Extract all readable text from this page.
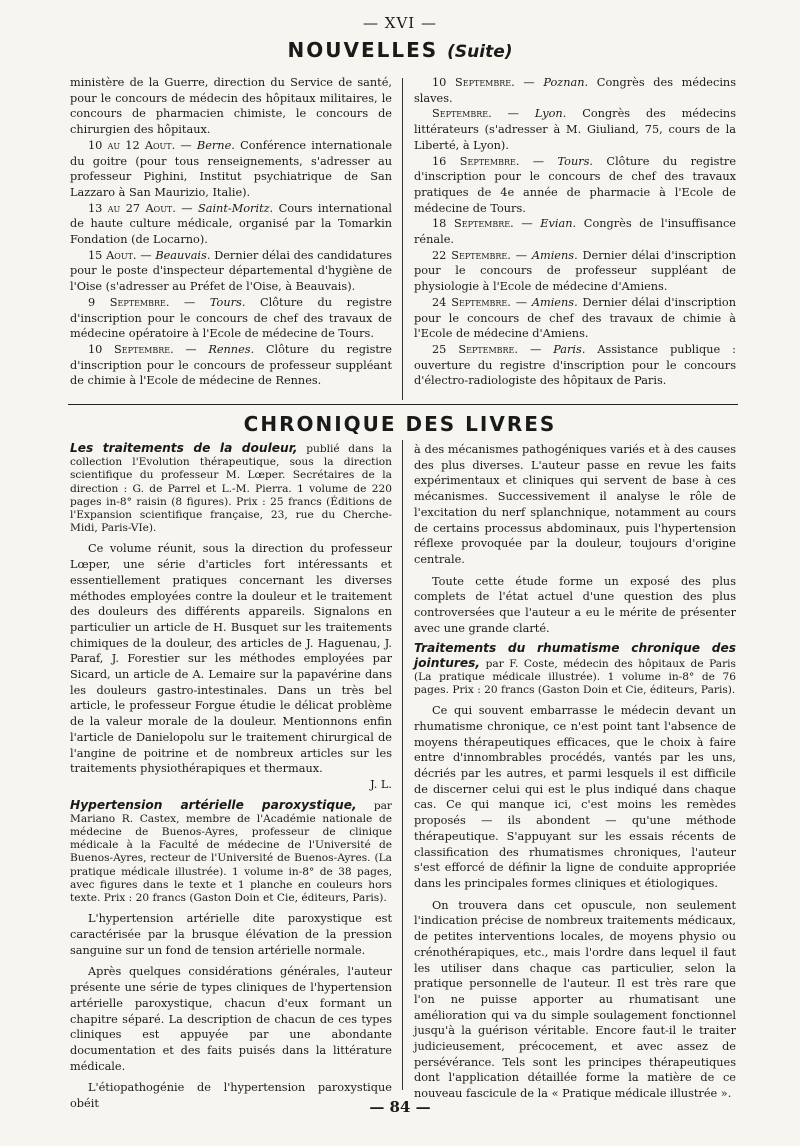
— XVI —
NOUVELLES (Suite)

ministère de la Guerre, direction du Service de santé, pour le concours de médecin des hôpitaux militaires, le concours de pharmacien chimiste, le concours de chirurgien des hôpitaux.

10 au 12 Aout. — Berne. Conférence internationale du goitre (pour tous renseignements, s'adresser au professeur Pighini, Institut psychiatrique de San Lazzaro à San Maurizio, Italie).

13 au 27 Aout. — Saint-Moritz. Cours international de haute culture médicale, organisé par la Tomarkin Fondation (de Locarno).

15 Aout. — Beauvais. Dernier délai des candidatures pour le poste d'inspecteur départemental d'hygiène de l'Oise (s'adresser au Préfet de l'Oise, à Beauvais).

9 Septembre. — Tours. Clôture du registre d'inscription pour le concours de chef des travaux de médecine opératoire à l'Ecole de médecine de Tours.

10 Septembre. — Rennes. Clôture du registre d'inscription pour le concours de professeur suppléant de chimie à l'Ecole de médecine de Rennes.

10 Septembre. — Poznan. Congrès des médecins slaves.

Septembre. — Lyon. Congrès des médecins littérateurs (s'adresser à M. Giuliand, 75, cours de la Liberté, à Lyon).

16 Septembre. — Tours. Clôture du registre d'inscription pour le concours de chef des travaux pratiques de 4e année de pharmacie à l'Ecole de médecine de Tours.

18 Septembre. — Evian. Congrès de l'insuffisance rénale.

22 Septembre. — Amiens. Dernier délai d'inscription pour le concours de professeur suppléant de physiologie à l'Ecole de médecine d'Amiens.

24 Septembre. — Amiens. Dernier délai d'inscription pour le concours de chef des travaux de chimie à l'Ecole de médecine d'Amiens.

25 Septembre. — Paris. Assistance publique : ouverture du registre d'inscription pour le concours d'électro-radiologiste des hôpitaux de Paris.

CHRONIQUE DES LIVRES

Les traitements de la douleur, publié dans la collection l'Evolution thérapeutique, sous la direction scientifique du professeur M. Lœper. Secrétaires de la direction : G. de Parrel et L.-M. Pierra. 1 volume de 220 pages in-8° raisin (8 figures). Prix : 25 francs (Éditions de l'Expansion scientifique française, 23, rue du Cherche-Midi, Paris-VIe).

Ce volume réunit, sous la direction du professeur Lœper, une série d'articles fort intéressants et essentiellement pratiques concernant les diverses méthodes employées contre la douleur et le traitement des douleurs des différents appareils. Signalons en particulier un article de H. Busquet sur les traitements chimiques de la douleur, des articles de J. Haguenau, J. Paraf, J. Forestier sur les méthodes employées par Sicard, un article de A. Lemaire sur la papavérine dans les douleurs gastro-intestinales. Dans un très bel article, le professeur Forgue étudie le délicat problème de la valeur morale de la douleur. Mentionnons enfin l'article de Danielopolu sur le traitement chirurgical de l'angine de poitrine et de nombreux articles sur les traitements physiothérapiques et thermaux.

J. L.

Hypertension artérielle paroxystique, par Mariano R. Castex, membre de l'Académie nationale de médecine de Buenos-Ayres, professeur de clinique médicale à la Faculté de médecine de l'Université de Buenos-Ayres, recteur de l'Université de Buenos-Ayres. (La pratique médicale illustrée). 1 volume in-8° de 38 pages, avec figures dans le texte et 1 planche en couleurs hors texte. Prix : 20 francs (Gaston Doin et Cie, éditeurs, Paris).

L'hypertension artérielle dite paroxystique est caractérisée par la brusque élévation de la pression sanguine sur un fond de tension artérielle normale.

Après quelques considérations générales, l'auteur présente une série de types cliniques de l'hypertension artérielle paroxystique, chacun d'eux formant un chapitre séparé. La description de chacun de ces types cliniques est appuyée par une abondante documentation et des faits puisés dans la littérature médicale.

L'étiopathogénie de l'hypertension paroxystique obéit

à des mécanismes pathogéniques variés et à des causes des plus diverses. L'auteur passe en revue les faits expérimentaux et cliniques qui servent de base à ces mécanismes. Successivement il analyse le rôle de l'excitation du nerf splanchnique, notamment au cours de certains processus abdominaux, puis l'hypertension réflexe provoquée par la douleur, toujours d'origine centrale.

Toute cette étude forme un exposé des plus complets de l'état actuel d'une question des plus controversées que l'auteur a eu le mérite de présenter avec une grande clarté.

Traitements du rhumatisme chronique des jointures, par F. Coste, médecin des hôpitaux de Paris (La pratique médicale illustrée). 1 volume in-8° de 76 pages. Prix : 20 francs (Gaston Doin et Cie, éditeurs, Paris).

Ce qui souvent embarrasse le médecin devant un rhumatisme chronique, ce n'est point tant l'absence de moyens thérapeutiques efficaces, que le choix à faire entre d'innombrables procédés, vantés par les uns, décriés par les autres, et parmi lesquels il est difficile de discerner celui qui est le plus indiqué dans chaque cas. Ce qui manque ici, c'est moins les remèdes proposés — ils abondent — qu'une méthode thérapeutique. S'appuyant sur les essais récents de classification des rhumatismes chroniques, l'auteur s'est efforcé de définir la ligne de conduite appropriée dans les principales formes cliniques et étiologiques.

On trouvera dans cet opuscule, non seulement l'indication précise de nombreux traitements médicaux, de petites interventions locales, de moyens physio ou crénothérapiques, etc., mais l'ordre dans lequel il faut les utiliser dans chaque cas particulier, selon la pratique personnelle de l'auteur. Il est très rare que l'on ne puisse apporter au rhumatisant une amélioration qui va du simple soulagement fonctionnel jusqu'à la guérison véritable. Encore faut-il le traiter judicieusement, précocement, et avec assez de persévérance. Tels sont les principes thérapeutiques dont l'application détaillée forme la matière de ce nouveau fascicule de la « Pratique médicale illustrée ».

— 84 —
